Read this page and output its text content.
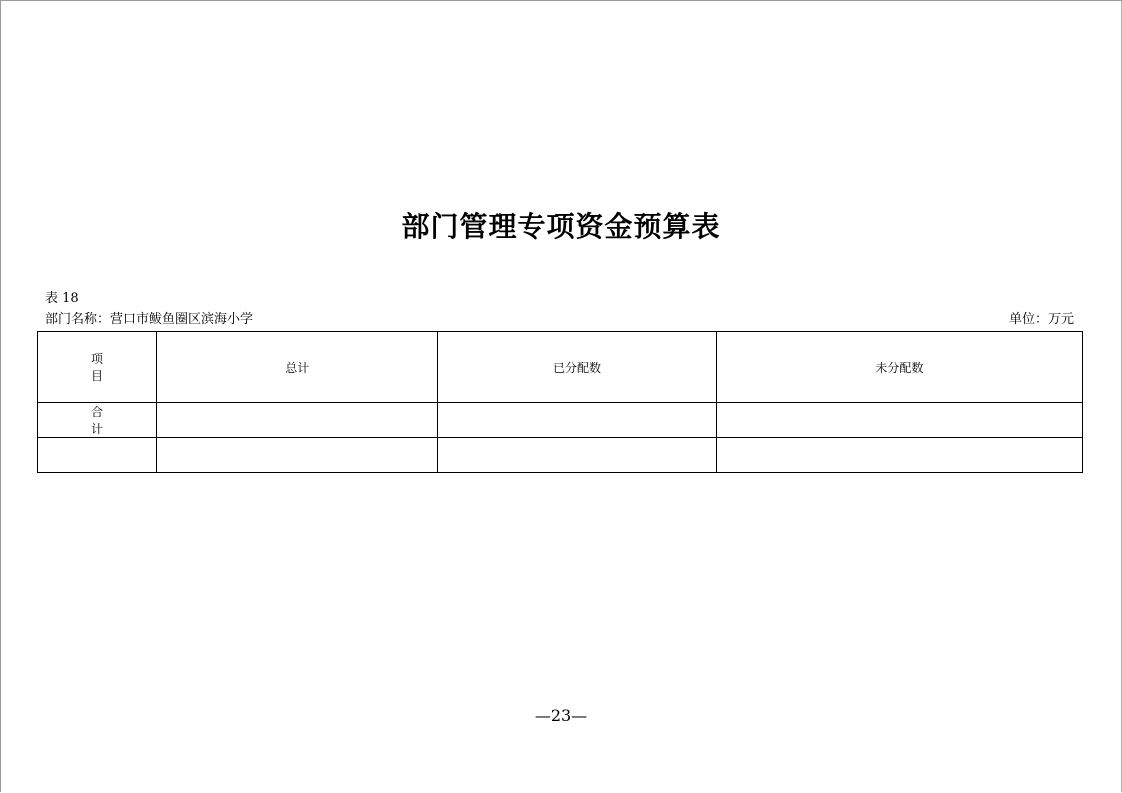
部门管理专项资金预算表
表 18
部门名称：营口市鲅鱼圈区滨海小学	单位：万元
项目	总计	已分配数	未分配数
合计			

—23—
